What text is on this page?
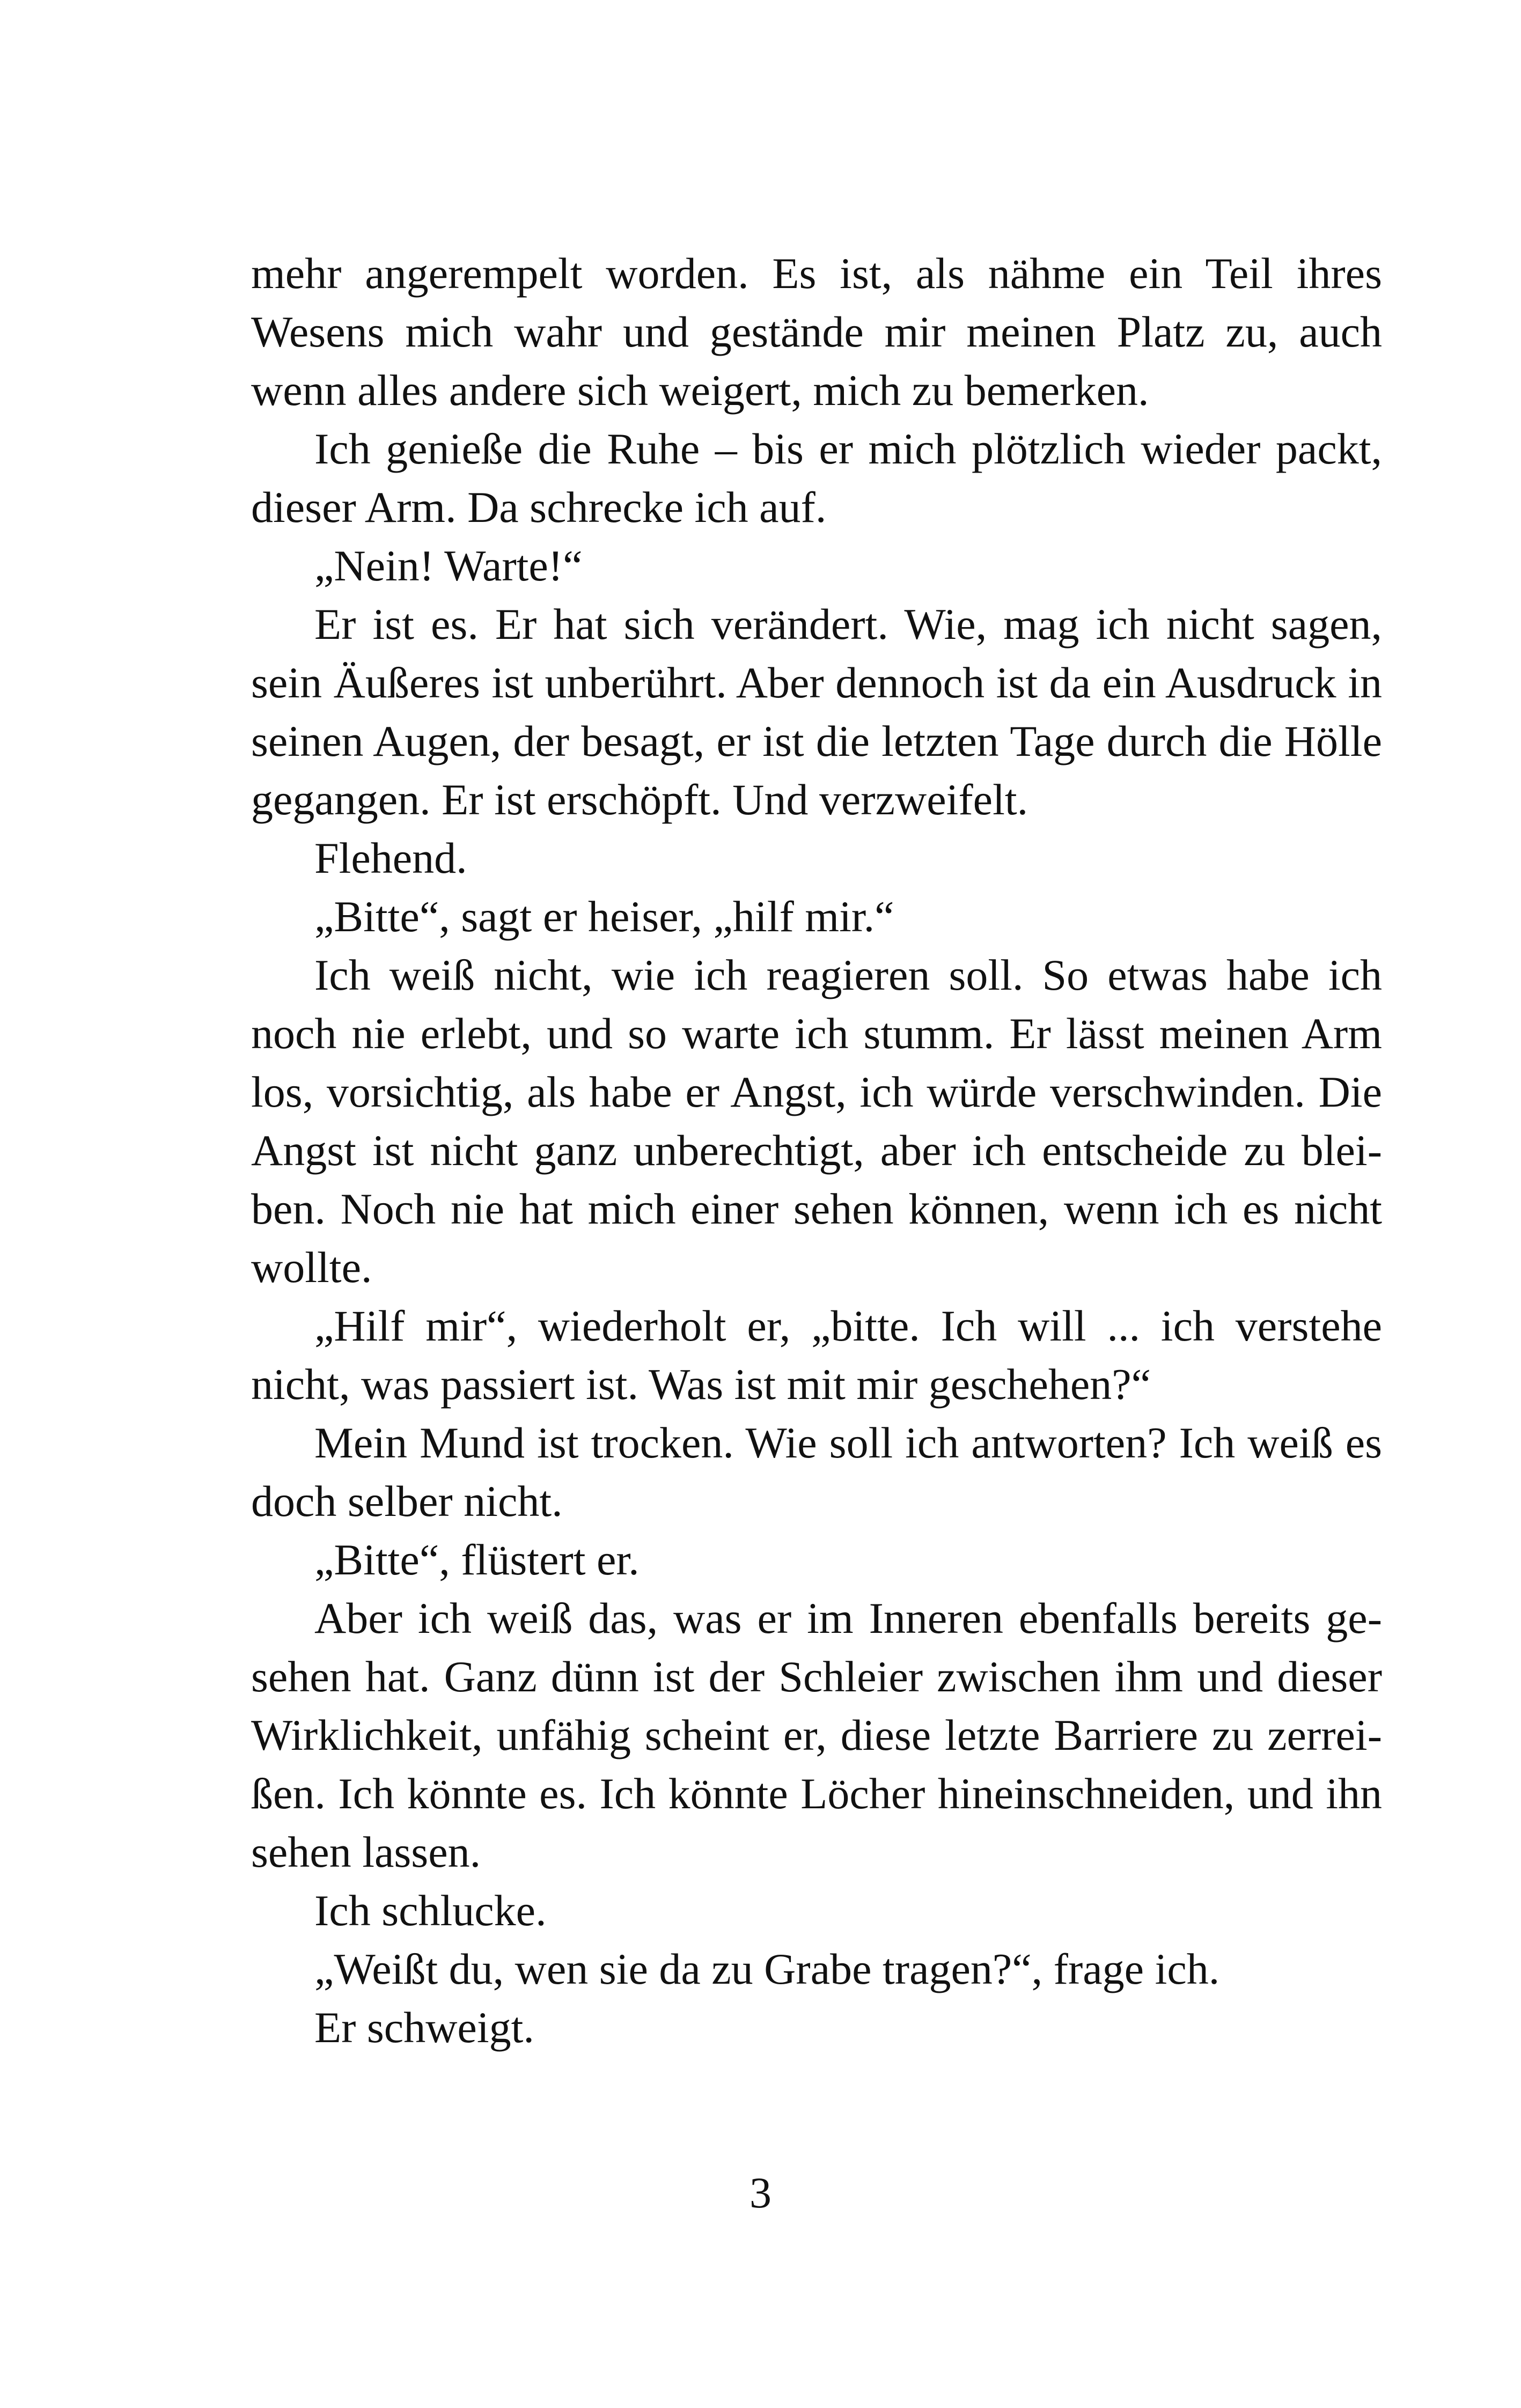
mehr angerempelt worden. Es ist, als nähme ein Teil ihres Wesens mich wahr und gestände mir meinen Platz zu, auch wenn alles andere sich weigert, mich zu bemerken.

Ich genieße die Ruhe – bis er mich plötzlich wieder packt, dieser Arm. Da schrecke ich auf.

„Nein! Warte!“

Er ist es. Er hat sich verändert. Wie, mag ich nicht sagen, sein Äußeres ist unberührt. Aber dennoch ist da ein Ausdruck in seinen Augen, der besagt, er ist die letzten Tage durch die Hölle gegangen. Er ist erschöpft. Und verzweifelt.

Flehend.

„Bitte“, sagt er heiser, „hilf mir.“

Ich weiß nicht, wie ich reagieren soll. So etwas habe ich noch nie erlebt, und so warte ich stumm. Er lässt meinen Arm los, vorsichtig, als habe er Angst, ich würde verschwinden. Die Angst ist nicht ganz unberechtigt, aber ich entscheide zu bleiben. Noch nie hat mich einer sehen können, wenn ich es nicht wollte.

„Hilf mir“, wiederholt er, „bitte. Ich will ... ich verstehe nicht, was passiert ist. Was ist mit mir geschehen?“

Mein Mund ist trocken. Wie soll ich antworten? Ich weiß es doch selber nicht.

„Bitte“, flüstert er.

Aber ich weiß das, was er im Inneren ebenfalls bereits gesehen hat. Ganz dünn ist der Schleier zwischen ihm und dieser Wirklichkeit, unfähig scheint er, diese letzte Barriere zu zerreißen. Ich könnte es. Ich könnte Löcher hineinschneiden, und ihn sehen lassen.

Ich schlucke.

„Weißt du, wen sie da zu Grabe tragen?“, frage ich.

Er schweigt.

3
